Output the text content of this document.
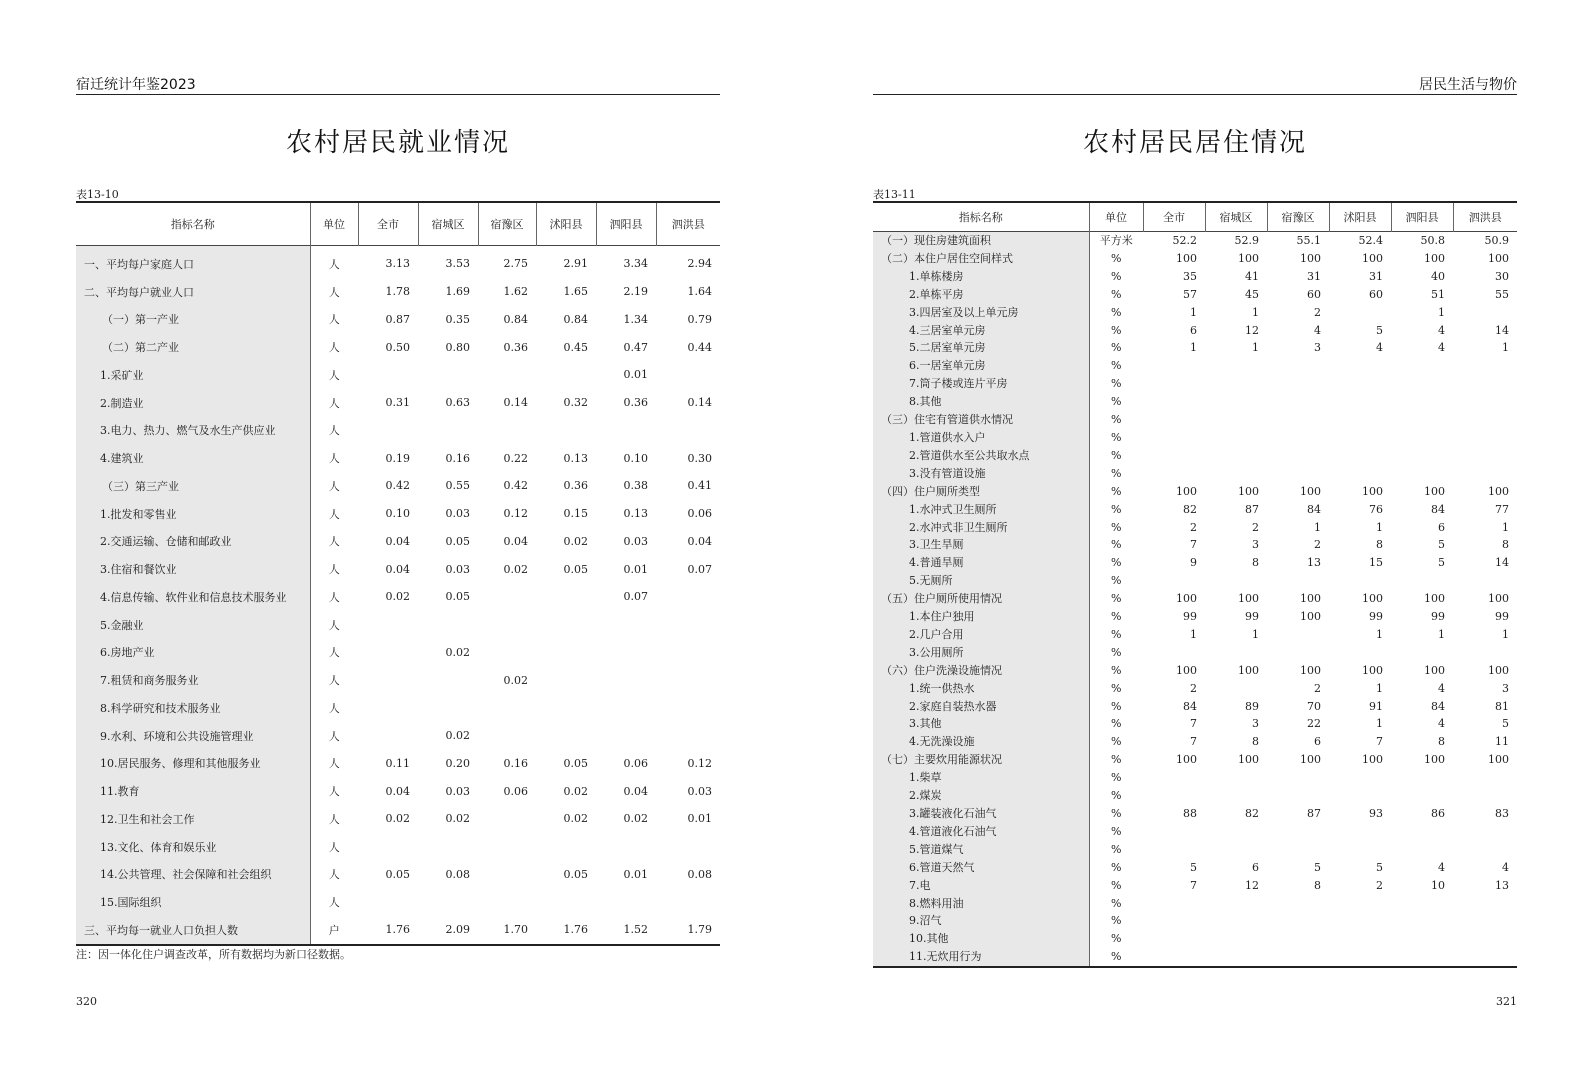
宿迁统计年鉴2023
农村居民就业情况
表13-10
指标名称	单位	全市	宿城区	宿豫区	沭阳县	泗阳县	泗洪县
一、平均每户家庭人口	人	3.13	3.53	2.75	2.91	3.34	2.94
二、平均每户就业人口	人	1.78	1.69	1.62	1.65	2.19	1.64
（一）第一产业	人	0.87	0.35	0.84	0.84	1.34	0.79
（二）第二产业	人	0.50	0.80	0.36	0.45	0.47	0.44
1.采矿业	人					0.01	
2.制造业	人	0.31	0.63	0.14	0.32	0.36	0.14
3.电力、热力、燃气及水生产供应业	人						
4.建筑业	人	0.19	0.16	0.22	0.13	0.10	0.30
（三）第三产业	人	0.42	0.55	0.42	0.36	0.38	0.41
1.批发和零售业	人	0.10	0.03	0.12	0.15	0.13	0.06
2.交通运输、仓储和邮政业	人	0.04	0.05	0.04	0.02	0.03	0.04
3.住宿和餐饮业	人	0.04	0.03	0.02	0.05	0.01	0.07
4.信息传输、软件业和信息技术服务业	人	0.02	0.05			0.07	
5.金融业	人						
6.房地产业	人		0.02				
7.租赁和商务服务业	人			0.02			
8.科学研究和技术服务业	人						
9.水利、环境和公共设施管理业	人		0.02				
10.居民服务、修理和其他服务业	人	0.11	0.20	0.16	0.05	0.06	0.12
11.教育	人	0.04	0.03	0.06	0.02	0.04	0.03
12.卫生和社会工作	人	0.02	0.02		0.02	0.02	0.01
13.文化、体育和娱乐业	人						
14.公共管理、社会保障和社会组织	人	0.05	0.08		0.05	0.01	0.08
15.国际组织	人						
三、平均每一就业人口负担人数	户	1.76	2.09	1.70	1.76	1.52	1.79
注：因一体化住户调查改革，所有数据均为新口径数据。
320
居民生活与物价
农村居民居住情况
表13-11
指标名称	单位	全市	宿城区	宿豫区	沭阳县	泗阳县	泗洪县
（一）现住房建筑面积	平方米	52.2	52.9	55.1	52.4	50.8	50.9
（二）本住户居住空间样式	%	100	100	100	100	100	100
1.单栋楼房	%	35	41	31	31	40	30
2.单栋平房	%	57	45	60	60	51	55
3.四居室及以上单元房	%	1	1	2		1	
4.三居室单元房	%	6	12	4	5	4	14
5.二居室单元房	%	1	1	3	4	4	1
6.一居室单元房	%						
7.筒子楼或连片平房	%						
8.其他	%						
（三）住宅有管道供水情况	%						
1.管道供水入户	%						
2.管道供水至公共取水点	%						
3.没有管道设施	%						
（四）住户厕所类型	%	100	100	100	100	100	100
1.水冲式卫生厕所	%	82	87	84	76	84	77
2.水冲式非卫生厕所	%	2	2	1	1	6	1
3.卫生旱厕	%	7	3	2	8	5	8
4.普通旱厕	%	9	8	13	15	5	14
5.无厕所	%						
（五）住户厕所使用情况	%	100	100	100	100	100	100
1.本住户独用	%	99	99	100	99	99	99
2.几户合用	%	1	1		1	1	1
3.公用厕所	%						
（六）住户洗澡设施情况	%	100	100	100	100	100	100
1.统一供热水	%	2		2	1	4	3
2.家庭自装热水器	%	84	89	70	91	84	81
3.其他	%	7	3	22	1	4	5
4.无洗澡设施	%	7	8	6	7	8	11
（七）主要炊用能源状况	%	100	100	100	100	100	100
1.柴草	%						
2.煤炭	%						
3.罐装液化石油气	%	88	82	87	93	86	83
4.管道液化石油气	%						
5.管道煤气	%						
6.管道天然气	%	5	6	5	5	4	4
7.电	%	7	12	8	2	10	13
8.燃料用油	%						
9.沼气	%						
10.其他	%						
11.无炊用行为	%						
321
